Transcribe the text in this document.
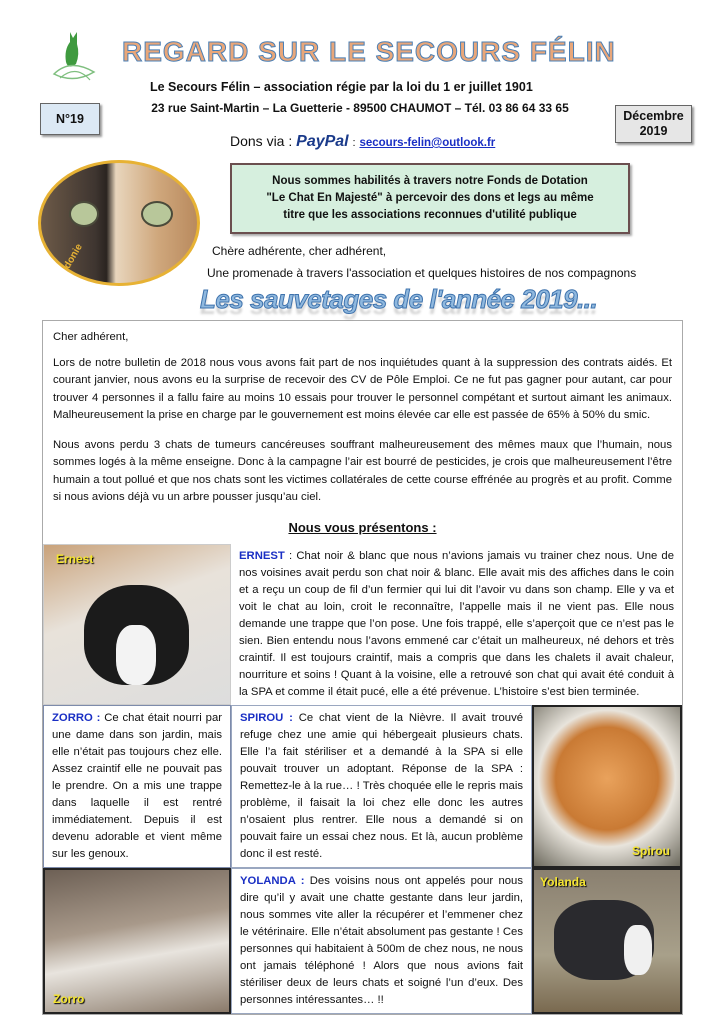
REGARD SUR LE SECOURS FÉLIN
Le Secours Félin – association régie par la loi du 1 er juillet 1901
N°19
23 rue Saint-Martin – La Guetterie - 89500 CHAUMOT – Tél. 03 86 64 33 65
Décembre
2019
Dons via : PayPal : secours-felin@outlook.fr
Sidonie
Nous sommes habilités à travers notre Fonds de Dotation
"Le Chat En Majesté" à percevoir des dons et legs au même
titre que les associations reconnues d'utilité publique
Chère adhérente, cher adhérent,
Une promenade à travers l'association et quelques histoires de nos compagnons
Cher adhérent,
Lors de notre bulletin de 2018 nous vous avons fait part de nos inquiétudes quant à la suppression des contrats aidés. Et courant janvier, nous avons eu la surprise de recevoir des CV de Pôle Emploi. Ce ne fut pas gagner pour autant, car pour trouver 4 personnes il a fallu faire au moins 10 essais pour trouver le personnel compétant et surtout aimant les animaux. Malheureusement la prise en charge par le gouvernement est moins élevée car elle est passée de 65% à 50% du smic.
Nous avons perdu 3 chats de tumeurs cancéreuses souffrant malheureusement des mêmes maux que l’humain, nous sommes logés à la même enseigne. Donc à la campagne l’air est bourré de pesticides, je crois que malheureusement l’être humain a tout pollué et que nos chats sont les victimes collatérales de cette course effrénée au progrès et au profit. Comme si nous avions déjà vu un arbre pousser jusqu’au ciel.
Nous vous présentons :
Ernest	ERNEST : Chat noir & blanc que nous n’avions jamais vu trainer chez nous. Une de nos voisines avait perdu son chat noir & blanc. Elle avait mis des affiches dans le coin et a reçu un coup de fil d’un fermier qui lui dit l’avoir vu dans son champ. Elle y va et voit le chat au loin, croit le reconnaître, l’appelle mais il ne vient pas. Elle nous demande une trappe que l’on pose. Une fois trappé, elle s’aperçoit que ce n’est pas le sien. Bien entendu nous l’avons emmené car c’était un malheureux, né dehors et très craintif. Il est toujours craintif, mais a compris que dans les chalets il avait chaleur, nourriture et soins ! Quant à la voisine, elle a retrouvé son chat qui avait été conduit à la SPA et comme il était pucé, elle a été prévenue. L’histoire s’est bien terminée.
ZORRO : Ce chat était nourri par une dame dans son jardin, mais elle n’était pas toujours chez elle. Assez craintif elle ne pouvait pas le prendre. On a mis une trappe dans laquelle il est rentré immédiatement. Depuis il est devenu adorable et vient même sur les genoux.
SPIROU : Ce chat vient de la Nièvre. Il avait trouvé refuge chez une amie qui hébergeait plusieurs chats. Elle l’a fait stériliser et a demandé à la SPA si elle pouvait trouver un adoptant. Réponse de la SPA : Remettez-le à la rue… ! Très choquée elle le repris mais problème, il faisait la loi chez elle donc les autres n’osaient plus rentrer. Elle nous a demandé si on pouvait faire un essai chez nous. Et là, aucun problème donc il est resté.	Spirou
Zorro
YOLANDA : Des voisins nous ont appelés pour nous dire qu’il y avait une chatte gestante dans leur jardin, nous sommes vite aller la récupérer et l’emmener chez le vétérinaire. Elle n’était absolument pas gestante ! Ces personnes qui habitaient à 500m de chez nous, ne nous ont jamais téléphoné ! Alors que nous avions fait stériliser deux de leurs chats et soigné l’un d’eux. Des personnes intéressantes… !!
Yolanda
Les sauvetages de l'année 2019...
